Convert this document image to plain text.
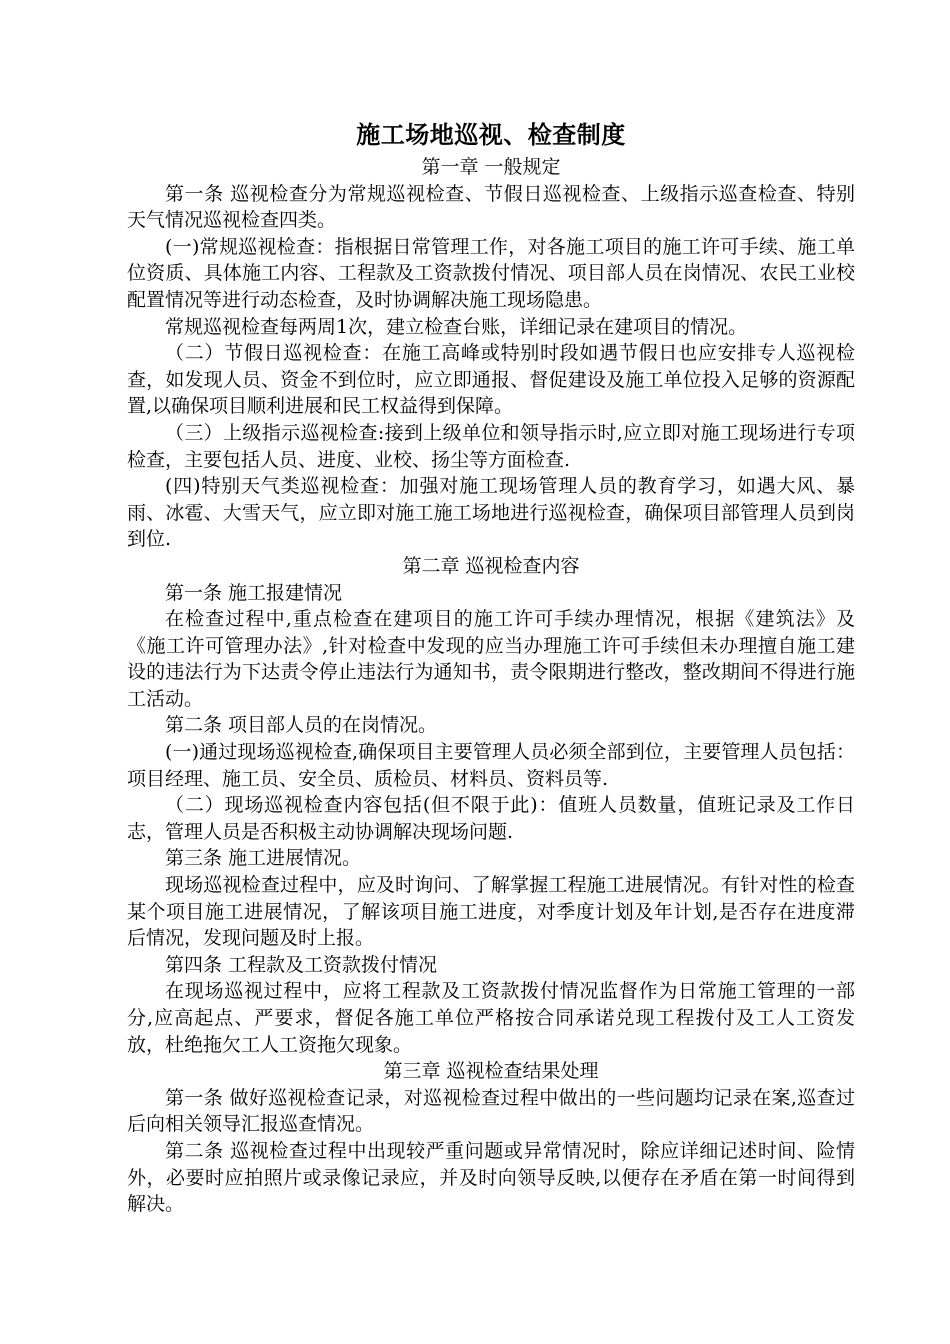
施工场地巡视、检查制度
第一章 一般规定

第一条 巡视检查分为常规巡视检查、节假日巡视检查、上级指示巡查检查、特别天气情况巡视检查四类。

(一)常规巡视检查：指根据日常管理工作，对各施工项目的施工许可手续、施工单位资质、具体施工内容、工程款及工资款拨付情况、项目部人员在岗情况、农民工业校配置情况等进行动态检查，及时协调解决施工现场隐患。

常规巡视检查每两周1次，建立检查台账，详细记录在建项目的情况。

（二）节假日巡视检查：在施工高峰或特别时段如遇节假日也应安排专人巡视检查，如发现人员、资金不到位时，应立即通报、督促建设及施工单位投入足够的资源配置,以确保项目顺利进展和民工权益得到保障。

（三）上级指示巡视检查:接到上级单位和领导指示时,应立即对施工现场进行专项检查，主要包括人员、进度、业校、扬尘等方面检查.

(四)特别天气类巡视检查：加强对施工现场管理人员的教育学习，如遇大风、暴雨、冰雹、大雪天气，应立即对施工施工场地进行巡视检查，确保项目部管理人员到岗到位.

第二章 巡视检查内容

第一条 施工报建情况

在检查过程中,重点检查在建项目的施工许可手续办理情况，根据《建筑法》及《施工许可管理办法》,针对检查中发现的应当办理施工许可手续但未办理擅自施工建设的违法行为下达责令停止违法行为通知书，责令限期进行整改，整改期间不得进行施工活动。

第二条 项目部人员的在岗情况。

(一)通过现场巡视检查,确保项目主要管理人员必须全部到位，主要管理人员包括：项目经理、施工员、安全员、质检员、材料员、资料员等.

（二）现场巡视检查内容包括(但不限于此)：值班人员数量，值班记录及工作日志，管理人员是否积极主动协调解决现场问题.

第三条 施工进展情况。

现场巡视检查过程中，应及时询问、了解掌握工程施工进展情况。有针对性的检查某个项目施工进展情况，了解该项目施工进度，对季度计划及年计划,是否存在进度滞后情况，发现问题及时上报。

第四条 工程款及工资款拨付情况

在现场巡视过程中，应将工程款及工资款拨付情况监督作为日常施工管理的一部分,应高起点、严要求，督促各施工单位严格按合同承诺兑现工程拨付及工人工资发放，杜绝拖欠工人工资拖欠现象。

第三章 巡视检查结果处理

第一条 做好巡视检查记录，对巡视检查过程中做出的一些问题均记录在案,巡查过后向相关领导汇报巡查情况。

第二条 巡视检查过程中出现较严重问题或异常情况时，除应详细记述时间、险情外，必要时应拍照片或录像记录应，并及时向领导反映,以便存在矛盾在第一时间得到解决。
